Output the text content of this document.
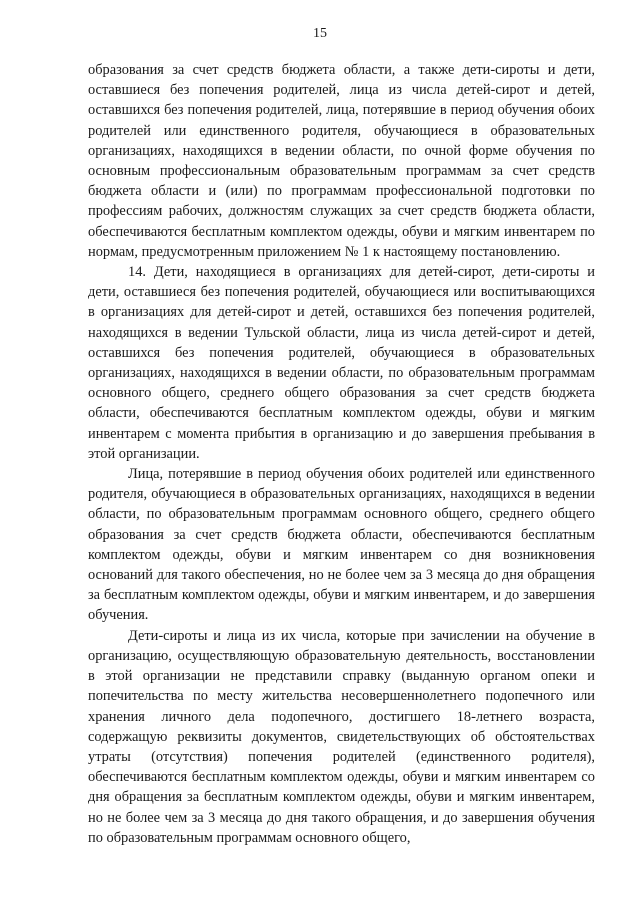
15

образования за счет средств бюджета области, а также дети-сироты и дети, оставшиеся без попечения родителей, лица из числа детей-сирот и детей, оставшихся без попечения родителей, лица, потерявшие в период обучения обоих родителей или единственного родителя, обучающиеся в образовательных организациях, находящихся в ведении области, по очной форме обучения по основным профессиональным образовательным программам за счет средств бюджета области и (или) по программам профессиональной подготовки по профессиям рабочих, должностям служащих за счет средств бюджета области, обеспечиваются бесплатным комплектом одежды, обуви и мягким инвентарем по нормам, предусмотренным приложением № 1 к настоящему постановлению.

14. Дети, находящиеся в организациях для детей-сирот, дети-сироты и дети, оставшиеся без попечения родителей, обучающиеся или воспитывающихся в организациях для детей-сирот и детей, оставшихся без попечения родителей, находящихся в ведении Тульской области, лица из числа детей-сирот и детей, оставшихся без попечения родителей, обучающиеся в образовательных организациях, находящихся в ведении области, по образовательным программам основного общего, среднего общего образования за счет средств бюджета области, обеспечиваются бесплатным комплектом одежды, обуви и мягким инвентарем с момента прибытия в организацию и до завершения пребывания в этой организации.

Лица, потерявшие в период обучения обоих родителей или единственного родителя, обучающиеся в образовательных организациях, находящихся в ведении области, по образовательным программам основного общего, среднего общего образования за счет средств бюджета области, обеспечиваются бесплатным комплектом одежды, обуви и мягким инвентарем со дня возникновения оснований для такого обеспечения, но не более чем за 3 месяца до дня обращения за бесплатным комплектом одежды, обуви и мягким инвентарем, и до завершения обучения.

Дети-сироты и лица из их числа, которые при зачислении на обучение в организацию, осуществляющую образовательную деятельность, восстановлении в этой организации не представили справку (выданную органом опеки и попечительства по месту жительства несовершеннолетнего подопечного или хранения личного дела подопечного, достигшего 18-летнего возраста, содержащую реквизиты документов, свидетельствующих об обстоятельствах утраты (отсутствия) попечения родителей (единственного родителя), обеспечиваются бесплатным комплектом одежды, обуви и мягким инвентарем со дня обращения за бесплатным комплектом одежды, обуви и мягким инвентарем, но не более чем за 3 месяца до дня такого обращения, и до завершения обучения по образовательным программам основного общего,
